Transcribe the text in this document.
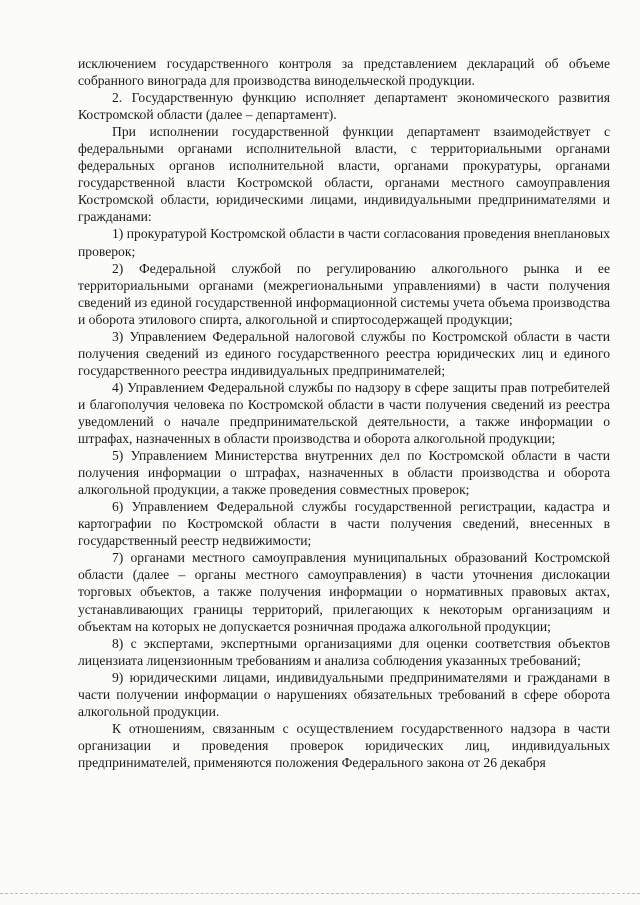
исключением государственного контроля за представлением деклараций об объеме собранного винограда для производства винодельческой продукции.

2. Государственную функцию исполняет департамент экономического развития Костромской области (далее – департамент).

При исполнении государственной функции департамент взаимодействует с федеральными органами исполнительной власти, с территориальными органами федеральных органов исполнительной власти, органами прокуратуры, органами государственной власти Костромской области, органами местного самоуправления Костромской области, юридическими лицами, индивидуальными предпринимателями и гражданами:

1) прокуратурой Костромской области в части согласования проведения внеплановых проверок;

2) Федеральной службой по регулированию алкогольного рынка и ее территориальными органами (межрегиональными управлениями) в части получения сведений из единой государственной информационной системы учета объема производства и оборота этилового спирта, алкогольной и спиртосодержащей продукции;

3) Управлением Федеральной налоговой службы по Костромской области в части получения сведений из единого государственного реестра юридических лиц и единого государственного реестра индивидуальных предпринимателей;

4) Управлением Федеральной службы по надзору в сфере защиты прав потребителей и благополучия человека по Костромской области в части получения сведений из реестра уведомлений о начале предпринимательской деятельности, а также информации о штрафах, назначенных в области производства и оборота алкогольной продукции;

5) Управлением Министерства внутренних дел по Костромской области в части получения информации о штрафах, назначенных в области производства и оборота алкогольной продукции, а также проведения совместных проверок;

6) Управлением Федеральной службы государственной регистрации, кадастра и картографии по Костромской области в части получения сведений, внесенных в государственный реестр недвижимости;

7) органами местного самоуправления муниципальных образований Костромской области (далее – органы местного самоуправления) в части уточнения дислокации торговых объектов, а также получения информации о нормативных правовых актах, устанавливающих границы территорий, прилегающих к некоторым организациям и объектам на которых не допускается розничная продажа алкогольной продукции;

8) с экспертами, экспертными организациями для оценки соответствия объектов лицензиата лицензионным требованиям и анализа соблюдения указанных требований;

9) юридическими лицами, индивидуальными предпринимателями и гражданами в части получении информации о нарушениях обязательных требований в сфере оборота алкогольной продукции.

К отношениям, связанным с осуществлением государственного надзора в части организации и проведения проверок юридических лиц, индивидуальных предпринимателей, применяются положения Федерального закона от 26 декабря
